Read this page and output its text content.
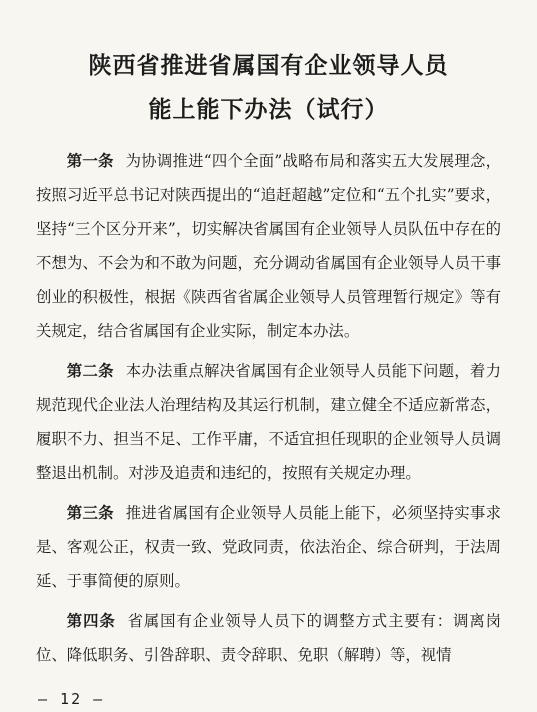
陕西省推进省属国有企业领导人员
能上能下办法（试行）

第一条 为协调推进“四个全面”战略布局和落实五大发展理念，按照习近平总书记对陕西提出的“追赶超越”定位和“五个扎实”要求，坚持“三个区分开来”，切实解决省属国有企业领导人员队伍中存在的不想为、不会为和不敢为问题，充分调动省属国有企业领导人员干事创业的积极性，根据《陕西省省属企业领导人员管理暂行规定》等有关规定，结合省属国有企业实际，制定本办法。

第二条 本办法重点解决省属国有企业领导人员能下问题，着力规范现代企业法人治理结构及其运行机制，建立健全不适应新常态，履职不力、担当不足、工作平庸，不适宜担任现职的企业领导人员调整退出机制。对涉及追责和违纪的，按照有关规定办理。

第三条 推进省属国有企业领导人员能上能下，必须坚持实事求是、客观公正，权责一致、党政同责，依法治企、综合研判，于法周延、于事简便的原则。

第四条 省属国有企业领导人员下的调整方式主要有：调离岗位、降低职务、引咎辞职、责令辞职、免职（解聘）等，视情

— 12 —
